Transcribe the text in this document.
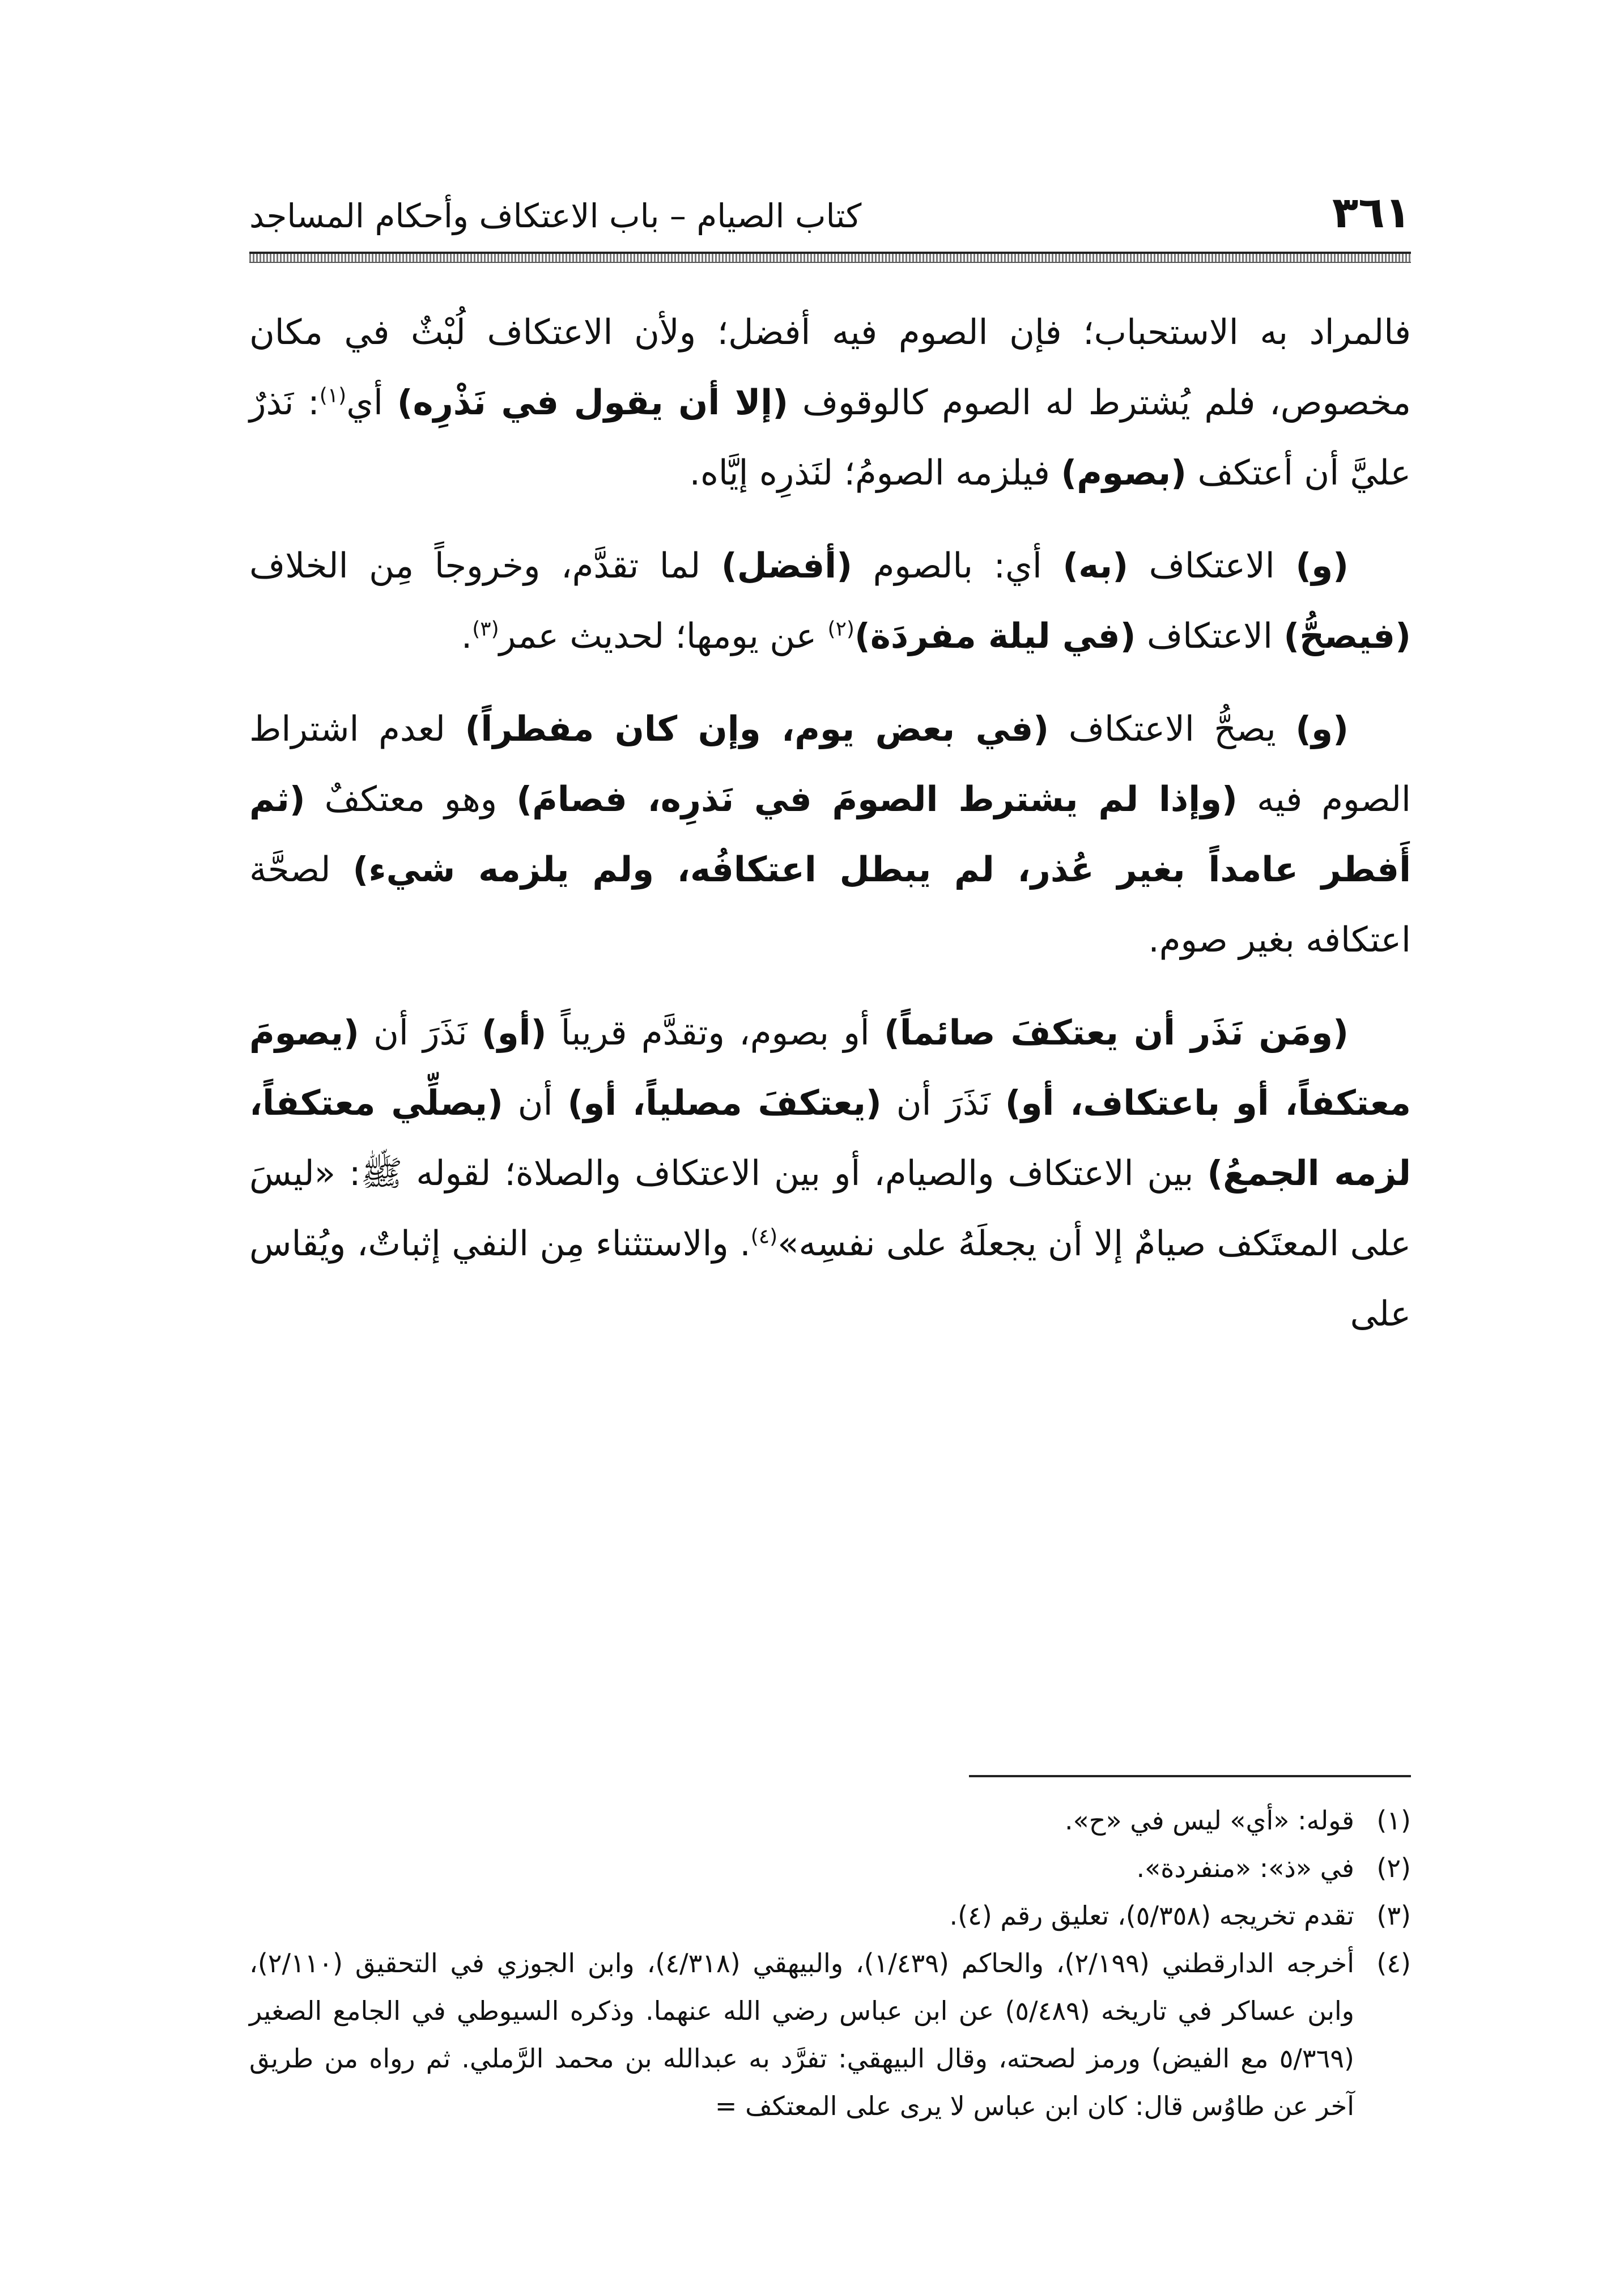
٣٦١
كتاب الصيام – باب الاعتكاف وأحكام المساجد

فالمراد به الاستحباب؛ فإن الصوم فيه أفضل؛ ولأن الاعتكاف لُبْثٌ في مكان مخصوص، فلم يُشترط له الصوم كالوقوف (إلا أن يقول في نَذْرِه) أي$^{(١)}$: نَذرٌ عليَّ أن أعتكف (بصوم) فيلزمه الصومُ؛ لنَذرِه إيَّاه.

(و) الاعتكاف (به) أي: بالصوم (أفضل) لما تقدَّم، وخروجاً مِن الخلاف (فيصحُّ) الاعتكاف (في ليلة مفردَة)$^{(٢)}$ عن يومها؛ لحديث عمر$^{(٣)}$.

(و) يصحُّ الاعتكاف (في بعض يوم، وإن كان مفطراً) لعدم اشتراط الصوم فيه (وإذا لم يشترط الصومَ في نَذرِه، فصامَ) وهو معتكفٌ (ثم أَفطر عامداً بغير عُذر، لم يبطل اعتكافُه، ولم يلزمه شيء) لصحَّة اعتكافه بغير صوم.

(ومَن نَذَر أن يعتكفَ صائماً) أو بصوم، وتقدَّم قريباً (أو) نَذَرَ أن (يصومَ معتكفاً، أو باعتكاف، أو) نَذَرَ أن (يعتكفَ مصلياً، أو) أن (يصلِّي معتكفاً، لزمه الجمعُ) بين الاعتكاف والصيام، أو بين الاعتكاف والصلاة؛ لقوله ﷺ: «ليسَ على المعتَكف صيامٌ إلا أن يجعلَهُ على نفسِه»$^{(٤)}$. والاستثناء مِن النفي إثباتٌ، ويُقاس على

(١)
قوله: «أي» ليس في «ح».
(٢)
في «ذ»: «منفردة».
(٣)
تقدم تخريجه (٥/٣٥٨)، تعليق رقم (٤).
(٤)
أخرجه الدارقطني (٢/١٩٩)، والحاكم (١/٤٣٩)، والبيهقي (٤/٣١٨)، وابن الجوزي في التحقيق (٢/١١٠)، وابن عساكر في تاريخه (٥/٤٨٩) عن ابن عباس رضي الله عنهما. وذكره السيوطي في الجامع الصغير (٥/٣٦٩ مع الفيض) ورمز لصحته، وقال البيهقي: تفرَّد به عبدالله بن محمد الرَّملي. ثم رواه من طريق آخر عن طاوُس قال: كان ابن عباس لا يرى على المعتكف =
